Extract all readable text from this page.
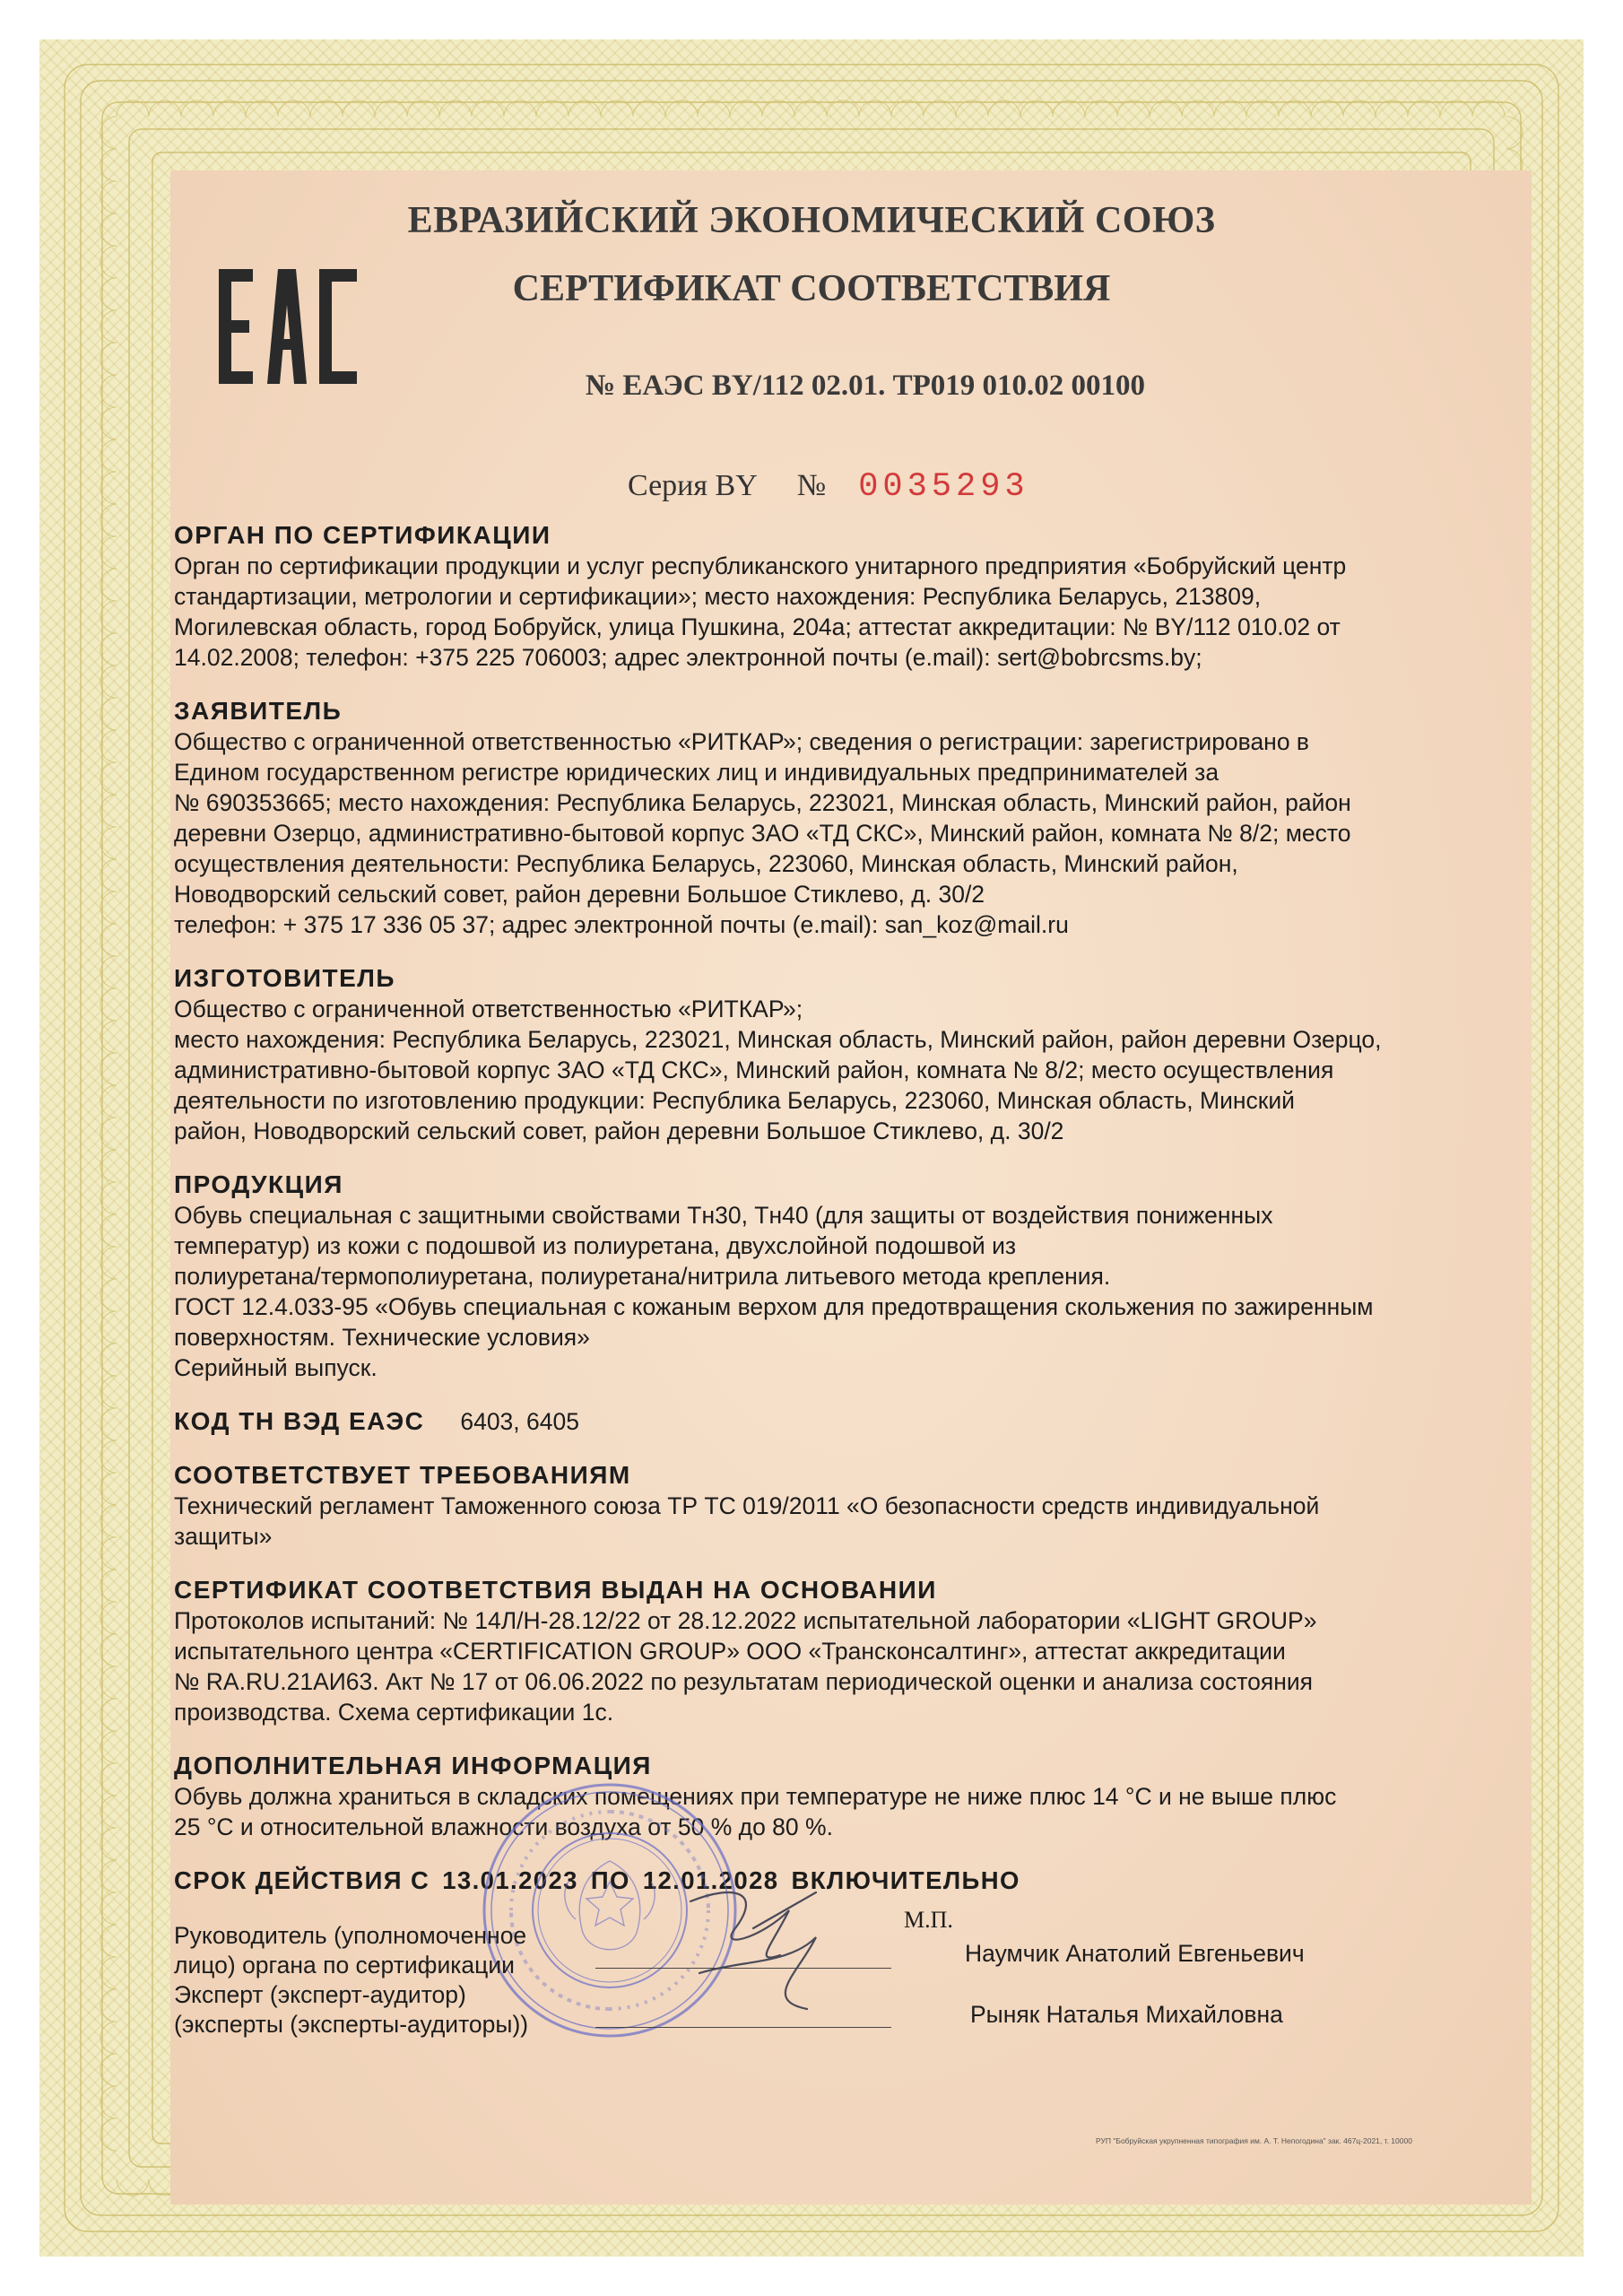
ЕВРАЗИЙСКИЙ ЭКОНОМИЧЕСКИЙ СОЮЗ
СЕРТИФИКАТ СООТВЕТСТВИЯ
№ ЕАЭС BY/112 02.01. ТР019 010.02 00100
Серия BY № 0035293
ОРГАН ПО СЕРТИФИКАЦИИ
Орган по сертификации продукции и услуг республиканского унитарного предприятия «Бобруйский центр
стандартизации, метрологии и сертификации»; место нахождения: Республика Беларусь, 213809,
Могилевская область, город Бобруйск, улица Пушкина, 204а; аттестат аккредитации: № BY/112 010.02 от
14.02.2008; телефон: +375 225 706003; адрес электронной почты (e.mail): sert@bobrcsms.by;
ЗАЯВИТЕЛЬ
Общество с ограниченной ответственностью «РИТКАР»; сведения о регистрации: зарегистрировано в
Едином государственном регистре юридических лиц и индивидуальных предпринимателей за
№ 690353665; место нахождения: Республика Беларусь, 223021, Минская область, Минский район, район
деревни Озерцо, административно-бытовой корпус ЗАО «ТД СКС», Минский район, комната № 8/2; место
осуществления деятельности: Республика Беларусь, 223060, Минская область, Минский район,
Новодворский сельский совет, район деревни Большое Стиклево, д. 30/2
телефон: + 375 17 336 05 37; адрес электронной почты (e.mail): san_koz@mail.ru
ИЗГОТОВИТЕЛЬ
Общество с ограниченной ответственностью «РИТКАР»;
место нахождения: Республика Беларусь, 223021, Минская область, Минский район, район деревни Озерцо,
административно-бытовой корпус ЗАО «ТД СКС», Минский район, комната № 8/2; место осуществления
деятельности по изготовлению продукции: Республика Беларусь, 223060, Минская область, Минский
район, Новодворский сельский совет, район деревни Большое Стиклево, д. 30/2
ПРОДУКЦИЯ
Обувь специальная с защитными свойствами Тн30, Тн40 (для защиты от воздействия пониженных
температур) из кожи с подошвой из полиуретана, двухслойной подошвой из
полиуретана/термополиуретана, полиуретана/нитрила литьевого метода крепления.
ГОСТ 12.4.033-95 «Обувь специальная с кожаным верхом для предотвращения скольжения по зажиренным
поверхностям. Технические условия»
Серийный выпуск.
КОД ТН ВЭД ЕАЭС 6403, 6405
СООТВЕТСТВУЕТ ТРЕБОВАНИЯМ
Технический регламент Таможенного союза ТР ТС 019/2011 «О безопасности средств индивидуальной
защиты»
СЕРТИФИКАТ СООТВЕТСТВИЯ ВЫДАН НА ОСНОВАНИИ
Протоколов испытаний: № 14Л/Н-28.12/22 от 28.12.2022 испытательной лаборатории «LIGHT GROUP»
испытательного центра «CERTIFICATION GROUP» ООО «Трансконсалтинг», аттестат аккредитации
№ RA.RU.21АИ63. Акт № 17 от 06.06.2022 по результатам периодической оценки и анализа состояния
производства. Схема сертификации 1с.
ДОПОЛНИТЕЛЬНАЯ ИНФОРМАЦИЯ
Обувь должна храниться в складских помещениях при температуре не ниже плюс 14 °С и не выше плюс
25 °С и относительной влажности воздуха от 50 % до 80 %.
СРОК ДЕЙСТВИЯ С 13.01.2023 ПО 12.01.2028 ВКЛЮЧИТЕЛЬНО
Руководитель (уполномоченное
лицо) органа по сертификации
Эксперт (эксперт-аудитор)
(эксперты (эксперты-аудиторы))
М.П.
Наумчик Анатолий Евгеньевич
Рыняк Наталья Михайловна
РУП "Бобруйская укрупненная типография им. А. Т. Непогодина" зак. 467ц-2021, т. 10000
